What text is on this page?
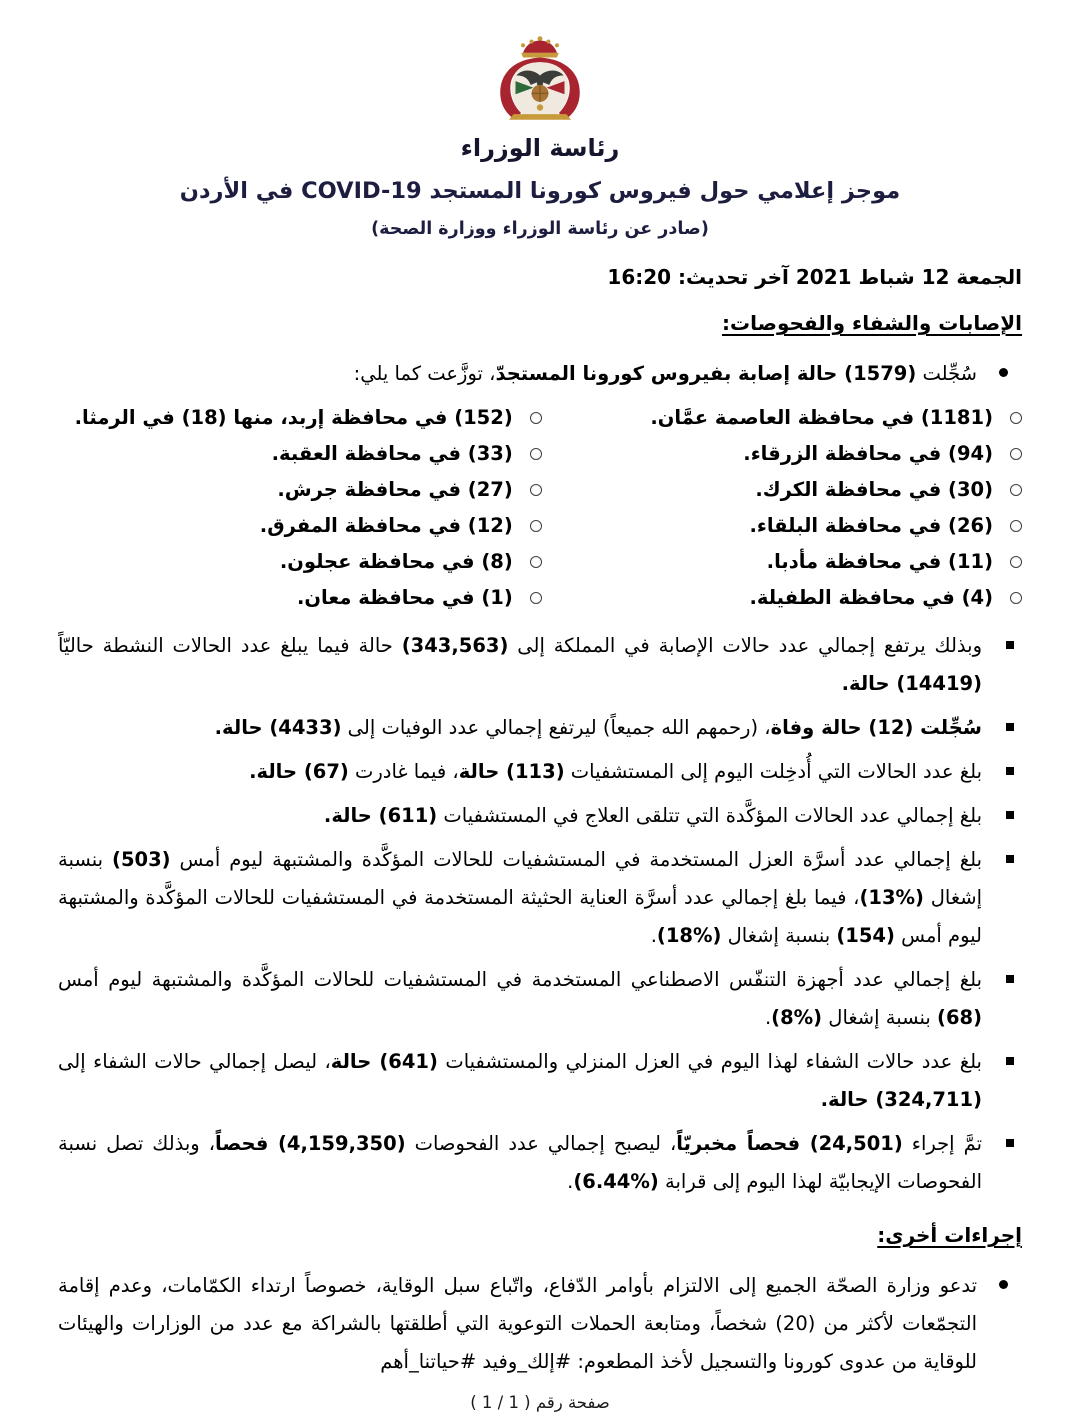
رئاسة الوزراء
موجز إعلامي حول فيروس كورونا المستجد COVID-19 في الأردن
(صادر عن رئاسة الوزراء ووزارة الصحة)
الجمعة 12 شباط 2021 آخر تحديث: 16:20
الإصابات والشفاء والفحوصات:
سُجِّلت (1579) حالة إصابة بفيروس كورونا المستجدّ، توزَّعت كما يلي:
(1181) في محافظة العاصمة عمَّان.
(152) في محافظة إربد، منها (18) في الرمثا.
(94) في محافظة الزرقاء.
(33) في محافظة العقبة.
(30) في محافظة الكرك.
(27) في محافظة جرش.
(26) في محافظة البلقاء.
(12) في محافظة المفرق.
(11) في محافظة مأدبا.
(8) في محافظة عجلون.
(4) في محافظة الطفيلة.
(1) في محافظة معان.
وبذلك يرتفع إجمالي عدد حالات الإصابة في المملكة إلى (343,563) حالة فيما يبلغ عدد الحالات النشطة حاليّاً (14419) حالة.
سُجِّلت (12) حالة وفاة، (رحمهم الله جميعاً) ليرتفع إجمالي عدد الوفيات إلى (4433) حالة.
بلغ عدد الحالات التي أُدخِلت اليوم إلى المستشفيات (113) حالة، فيما غادرت (67) حالة.
بلغ إجمالي عدد الحالات المؤكَّدة التي تتلقى العلاج في المستشفيات (611) حالة.
بلغ إجمالي عدد أسرَّة العزل المستخدمة في المستشفيات للحالات المؤكَّدة والمشتبهة ليوم أمس (503) بنسبة إشغال (%13)، فيما بلغ إجمالي عدد أسرَّة العناية الحثيثة المستخدمة في المستشفيات للحالات المؤكَّدة والمشتبهة ليوم أمس (154) بنسبة إشغال (%18).
بلغ إجمالي عدد أجهزة التنفّس الاصطناعي المستخدمة في المستشفيات للحالات المؤكَّدة والمشتبهة ليوم أمس (68) بنسبة إشغال (%8).
بلغ عدد حالات الشفاء لهذا اليوم في العزل المنزلي والمستشفيات (641) حالة، ليصل إجمالي حالات الشفاء إلى (324,711) حالة.
تمَّ إجراء (24,501) فحصاً مخبريّاً، ليصبح إجمالي عدد الفحوصات (4,159,350) فحصاً، وبذلك تصل نسبة الفحوصات الإيجابيّة لهذا اليوم إلى قرابة (%6.44).
إجراءات أخرى:
تدعو وزارة الصحّة الجميع إلى الالتزام بأوامر الدّفاع، واتّباع سبل الوقاية، خصوصاً ارتداء الكمّامات، وعدم إقامة التجمّعات لأكثر من (20) شخصاً، ومتابعة الحملات التوعوية التي أطلقتها بالشراكة مع عدد من الوزارات والهيئات للوقاية من عدوى كورونا والتسجيل لأخذ المطعوم: #إلك_وفيد #حياتنا_أهم
صفحة رقم ( 1 / 1 )
